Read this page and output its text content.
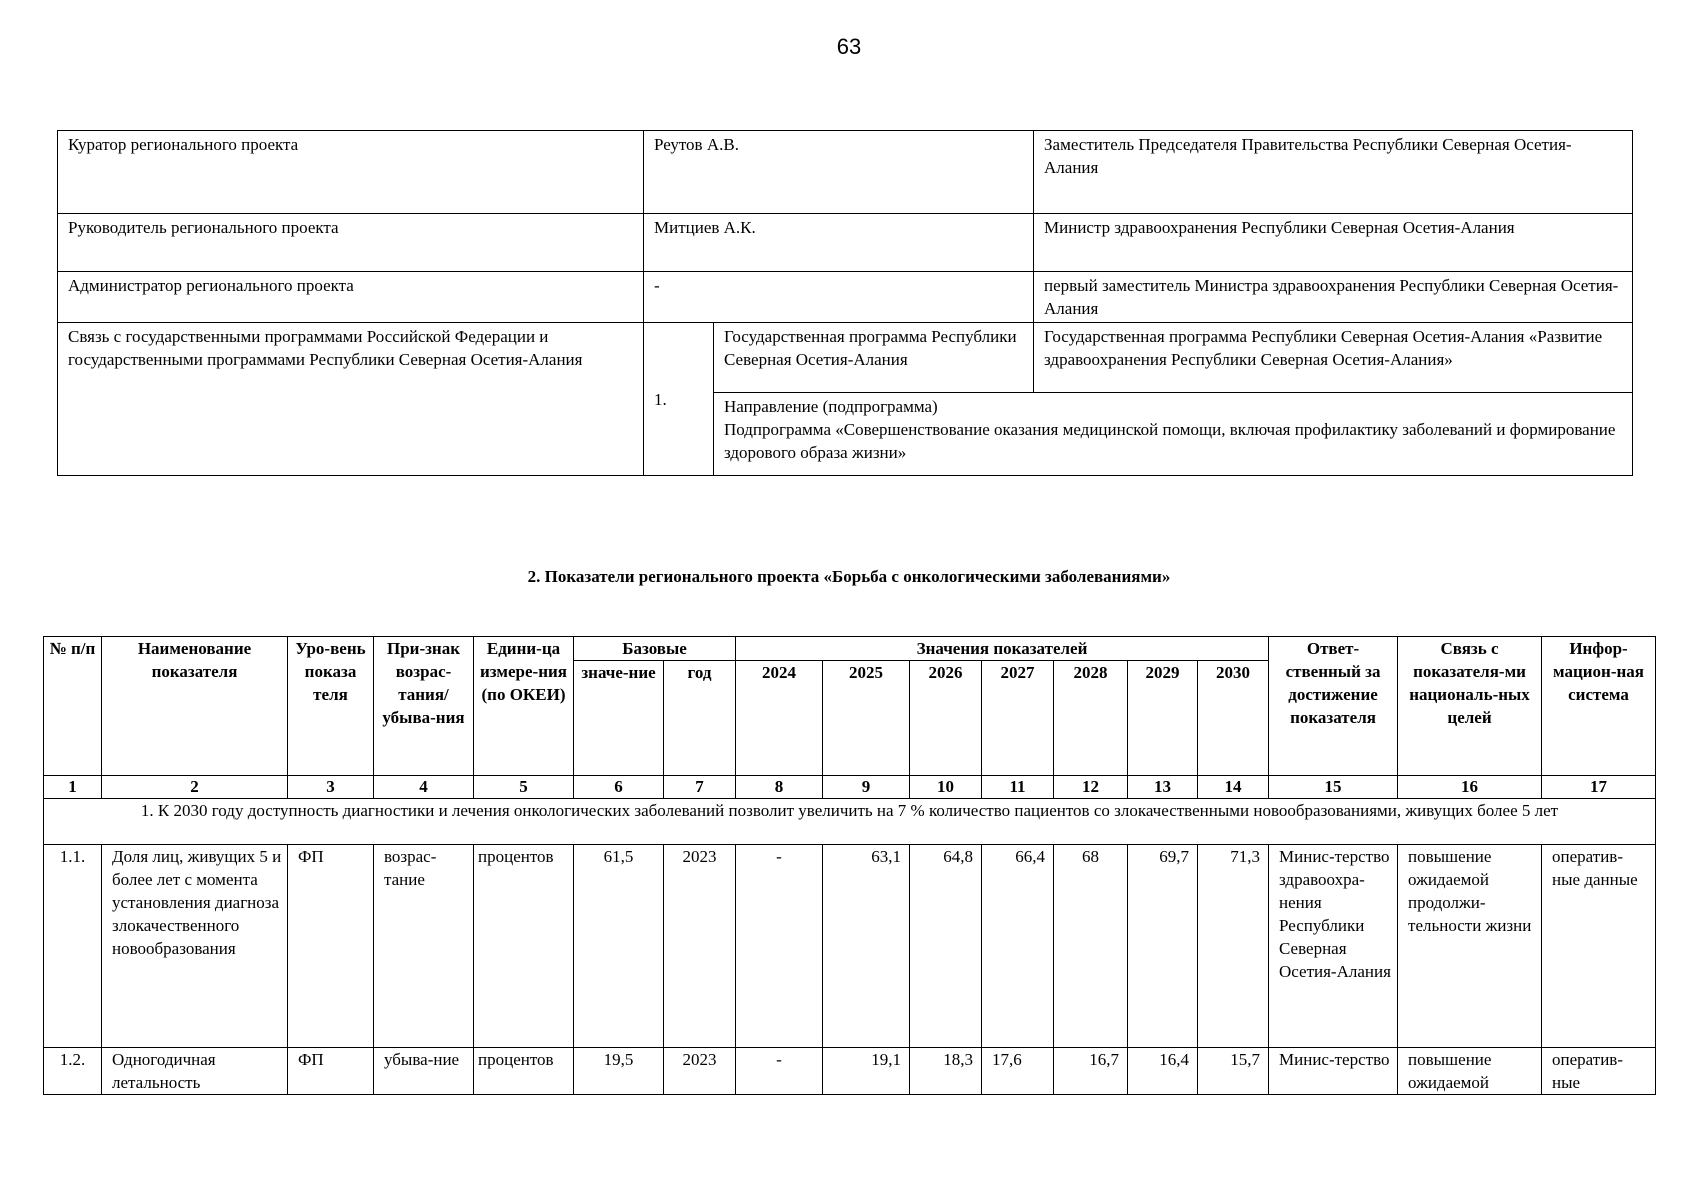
63
Куратор регионального проекта	Реутов А.В.		Заместитель Председателя Правительства Республики Северная Осетия-Алания
Руководитель регионального проекта	Митциев А.К.		Министр здравоохранения Республики Северная Осетия-Алания
Администратор регионального проекта	-		первый заместитель Министра здравоохранения Республики Северная Осетия-Алания
Связь с государственными программами Российской Федерации и государственными программами Республики Северная Осетия-Алания	1.	Государственная программа Республики Северная Осетия-Алания	Государственная программа Республики Северная Осетия-Алания «Развитие здравоохранения Республики Северная Осетия-Алания»

		Направление (подпрограмма)
Подпрограмма «Совершенствование оказания медицинской помощи, включая профилактику заболеваний и формирование здорового образа жизни»	
2. Показатели регионального проекта «Борьба с онкологическими заболеваниями»
№ п/п	Наименование показателя	Уро-вень показа теля	При-знак возрас-тания/ убыва-ния	Едини-ца измере-ния (по ОКЕИ)	Базовые		Значения показателей							Ответ-ственный за достижение показателя	Связь с показателя-ми националь-ных целей	Инфор-мацион-ная система
					значе-ние	год	2024	2025	2026	2027	2028	2029	2030			
1	2	3	4	5	6	7	8	9	10	11	12	13	14	15	16	17
1. К 2030 году доступность диагностики и лечения онкологических заболеваний позволит увеличить на 7 % количество пациентов со злокачественными новообразованиями, живущих более 5 лет																
1.1.	Доля лиц, живущих 5 и более лет с момента установления диагноза злокачественного новообразования	ФП	возрас-тание	процентов	61,5	2023	-	63,1	64,8	66,4	68	69,7	71,3	Минис-терство здравоохра-нения Республики Северная Осетия-Алания	повышение ожидаемой продолжи-тельности жизни	оператив-ные данные
1.2.	Одногодичная летальность	ФП	убыва-ние	процентов	19,5	2023	-	19,1	18,3	17,6	16,7	16,4	15,7	Минис-терство	повышение ожидаемой	оператив-ные
